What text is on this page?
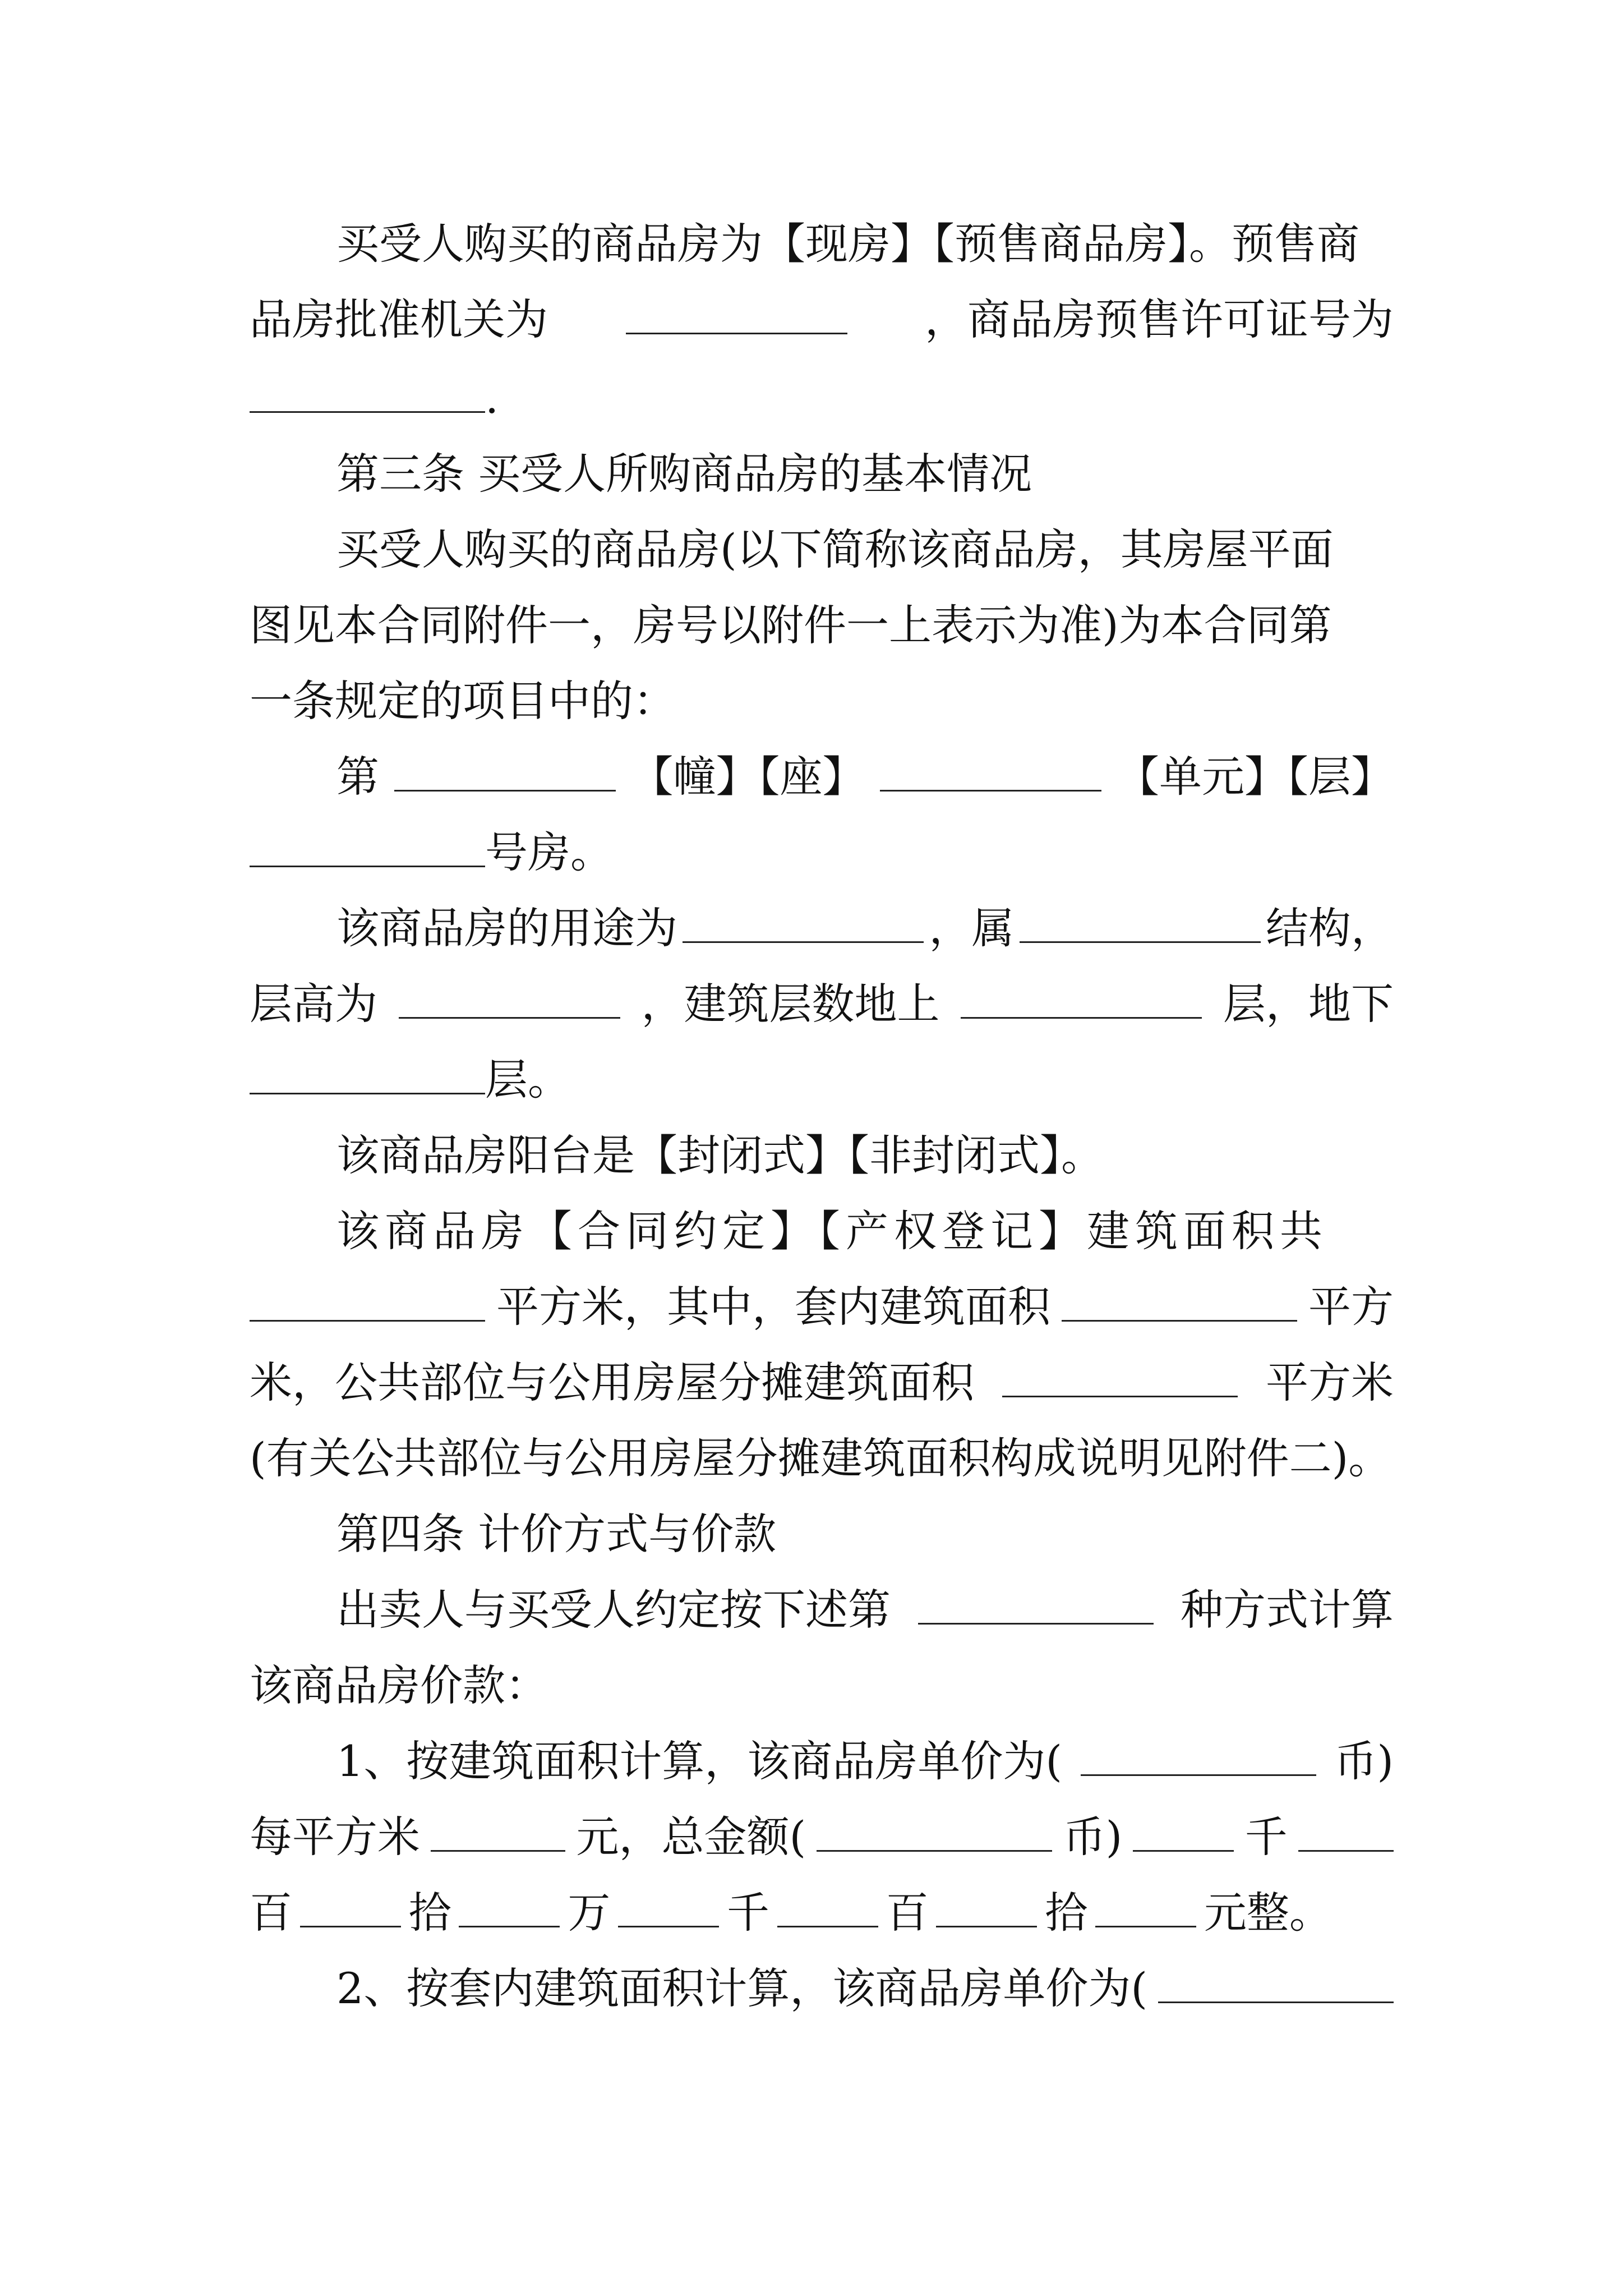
买受人购买的商品房为【现房】【预售商品房】。预售商
品房批准机关为	，商品房预售许可证号为
.
第三条 买受人所购商品房的基本情况
买受人购买的商品房(以下简称该商品房，其房屋平面
图见本合同附件一，房号以附件一上表示为准)为本合同第
一条规定的项目中的：
第	【幢】【座】	【单元】【层】
号房。
该商品房的用途为	，属	结构，
层高为	，建筑层数地上	层，地下
层。
该商品房阳台是【封闭式】【非封闭式】。
该商品房【合同约定】【产权登记】建筑面积共
平方米，其中，套内建筑面积	平方
米，公共部位与公用房屋分摊建筑面积	平方米
(有关公共部位与公用房屋分摊建筑面积构成说明见附件二)。
第四条 计价方式与价款
出卖人与买受人约定按下述第	种方式计算
该商品房价款：
1、按建筑面积计算，该商品房单价为(	币)
每平方米	元，总金额(	币)	千
百	拾	万	千	百	拾	元整。
2、按套内建筑面积计算，该商品房单价为(
